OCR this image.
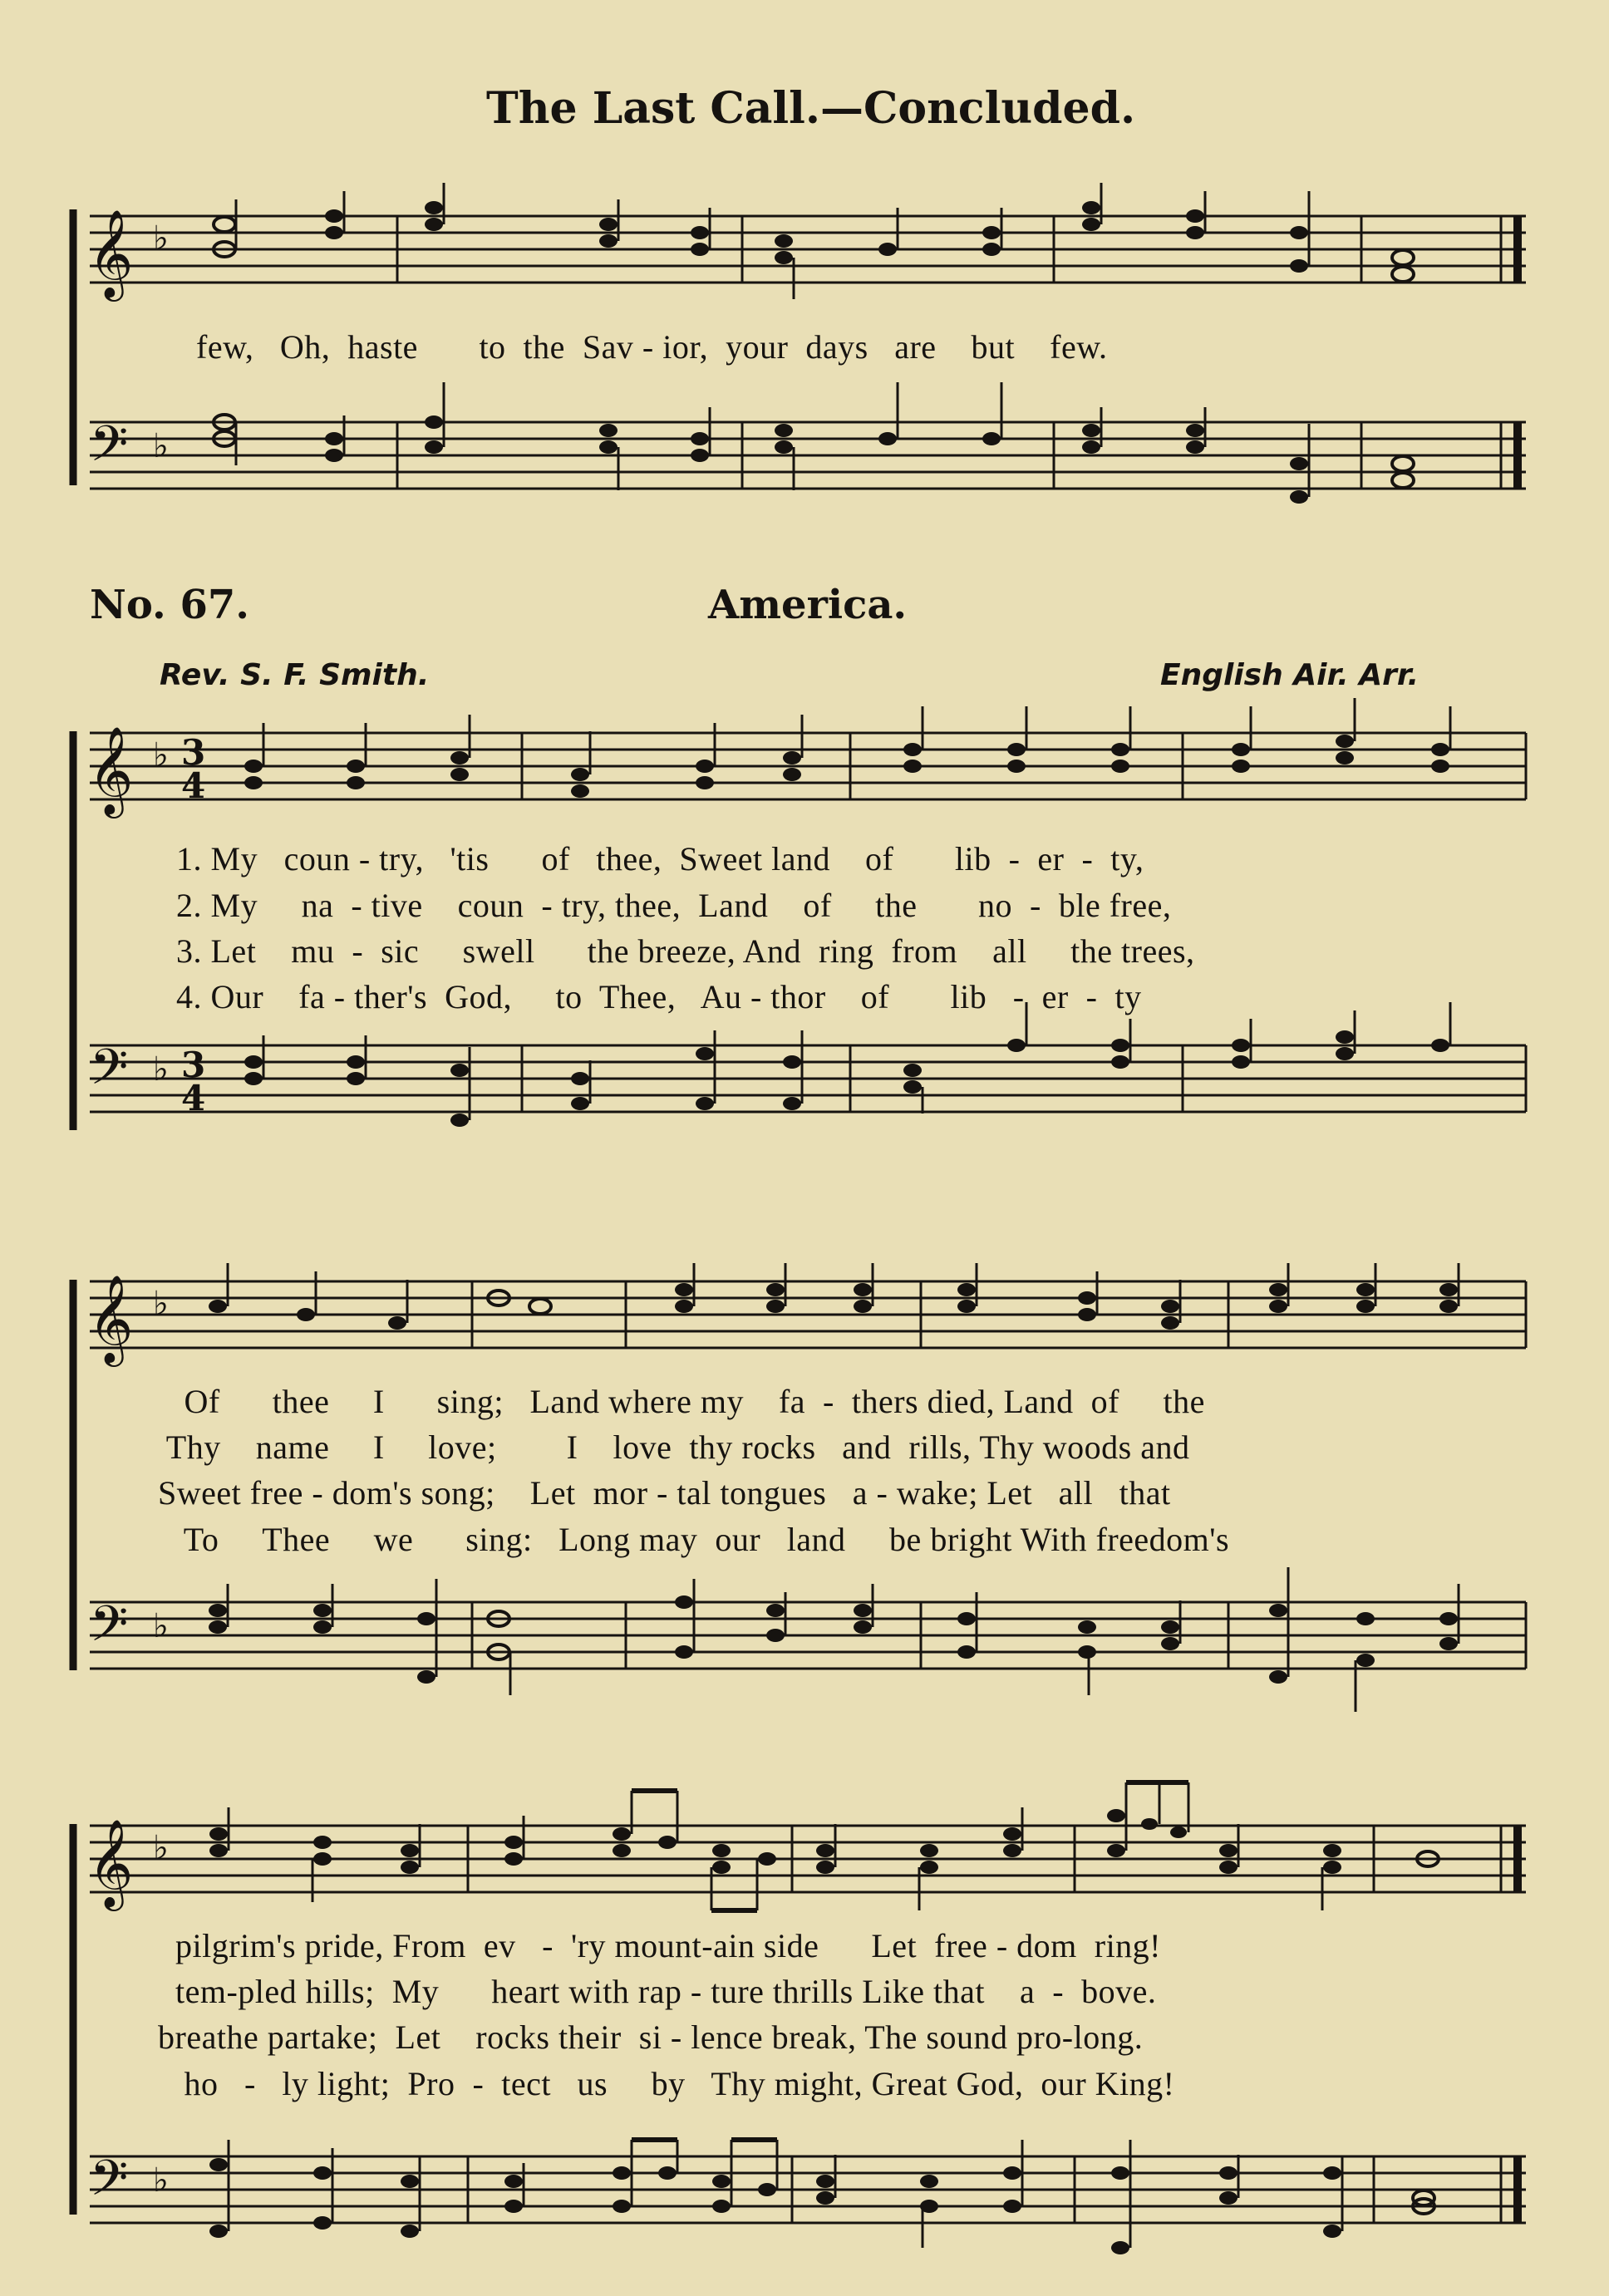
The Last Call.—Concluded.
𝄞
𝄢
♭
♭
few,   Oh,  haste       to  the  Sav - ior,  your  days   are    but    few.
No. 67.	America.
Rev. S. F. Smith.	English Air. Arr.
𝄞
𝄢
♭
♭
3
4
3
4
1. My   coun - try,   'tis      of   thee,  Sweet land    of       lib  -  er  -  ty,
2. My     na  - tive    coun  - try, thee,  Land    of     the       no  -  ble free,
3. Let    mu  -  sic     swell      the breeze, And  ring  from    all     the trees,
4. Our    fa - ther's  God,     to  Thee,   Au - thor    of       lib   -  er  -  ty
𝄞
𝄢
♭
♭
Of      thee     I      sing;   Land where my    fa  -  thers died, Land  of     the
Thy    name     I     love;        I    love  thy rocks   and  rills, Thy woods and
Sweet free - dom's song;    Let  mor - tal tongues   a - wake; Let   all   that
To     Thee     we      sing:   Long may  our   land     be bright With freedom's
𝄞
𝄢
♭
♭
pilgrim's pride, From  ev   -  'ry mount-ain side      Let  free - dom  ring!
tem-pled hills;  My      heart with rap - ture thrills Like that    a  -  bove.
breathe partake;  Let    rocks their  si - lence break, The sound pro-long.
ho   -   ly light;  Pro  -  tect   us     by   Thy might, Great God,  our King!
